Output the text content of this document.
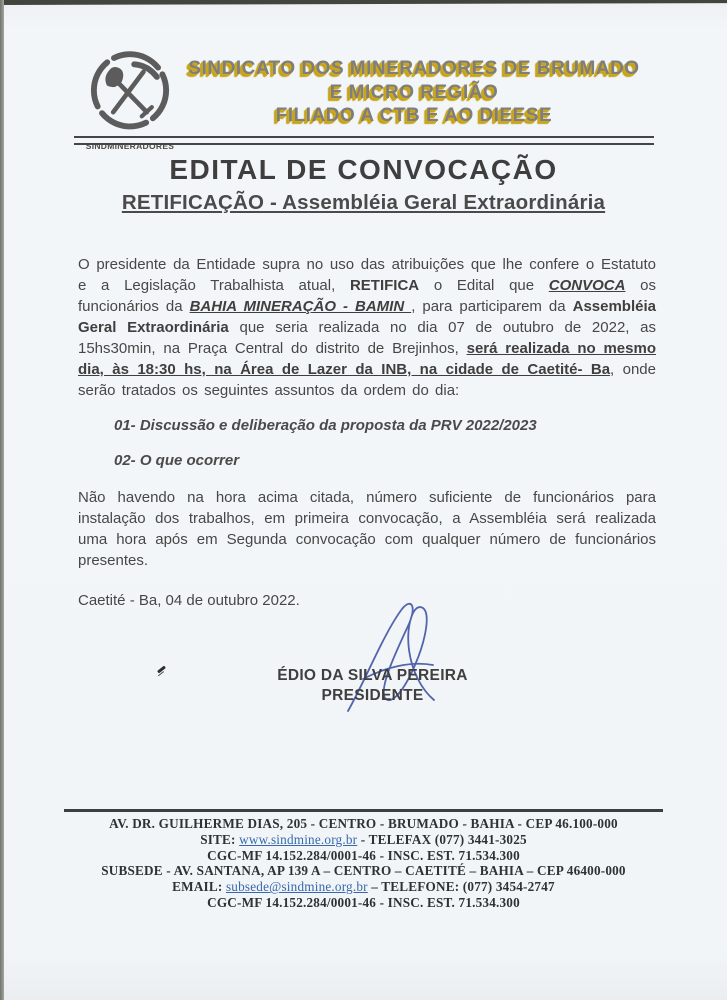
SINDMINERADORES
SINDICATO DOS MINERADORES DE BRUMADO
E MICRO REGIÃO
FILIADO A CTB E AO DIEESE
EDITAL DE CONVOCAÇÃO
RETIFICAÇÃO - Assembléia Geral Extraordinária

O presidente da Entidade supra no uso das atribuições que lhe confere o Estatuto e a Legislação Trabalhista atual, RETIFICA o Edital que CONVOCA os funcionários da BAHIA MINERAÇÃO - BAMIN , para participarem da Assembléia Geral Extraordinária que seria realizada no dia 07 de outubro de 2022, as 15hs30min, na Praça Central do distrito de Brejinhos, será realizada no mesmo dia, às 18:30 hs, na Área de Lazer da INB, na cidade de Caetité- Ba, onde serão tratados os seguintes assuntos da ordem do dia:

01- Discussão e deliberação da proposta da PRV 2022/2023
02- O que ocorrer

Não havendo na hora acima citada, número suficiente de funcionários para instalação dos trabalhos, em primeira convocação, a Assembléia será realizada uma hora após em Segunda convocação com qualquer número de funcionários presentes.

Caetité - Ba, 04 de outubro 2022.
ÉDIO DA SILVA PEREIRA
PRESIDENTE
AV. DR. GUILHERME DIAS, 205 - CENTRO - BRUMADO - BAHIA - CEP 46.100-000
SITE: www.sindmine.org.br - TELEFAX (077) 3441-3025
CGC-MF 14.152.284/0001-46 - INSC. EST. 71.534.300
SUBSEDE - AV. SANTANA, AP 139 A – CENTRO – CAETITÉ – BAHIA – CEP 46400-000
EMAIL: subsede@sindmine.org.br – TELEFONE: (077) 3454-2747
CGC-MF 14.152.284/0001-46 - INSC. EST. 71.534.300
